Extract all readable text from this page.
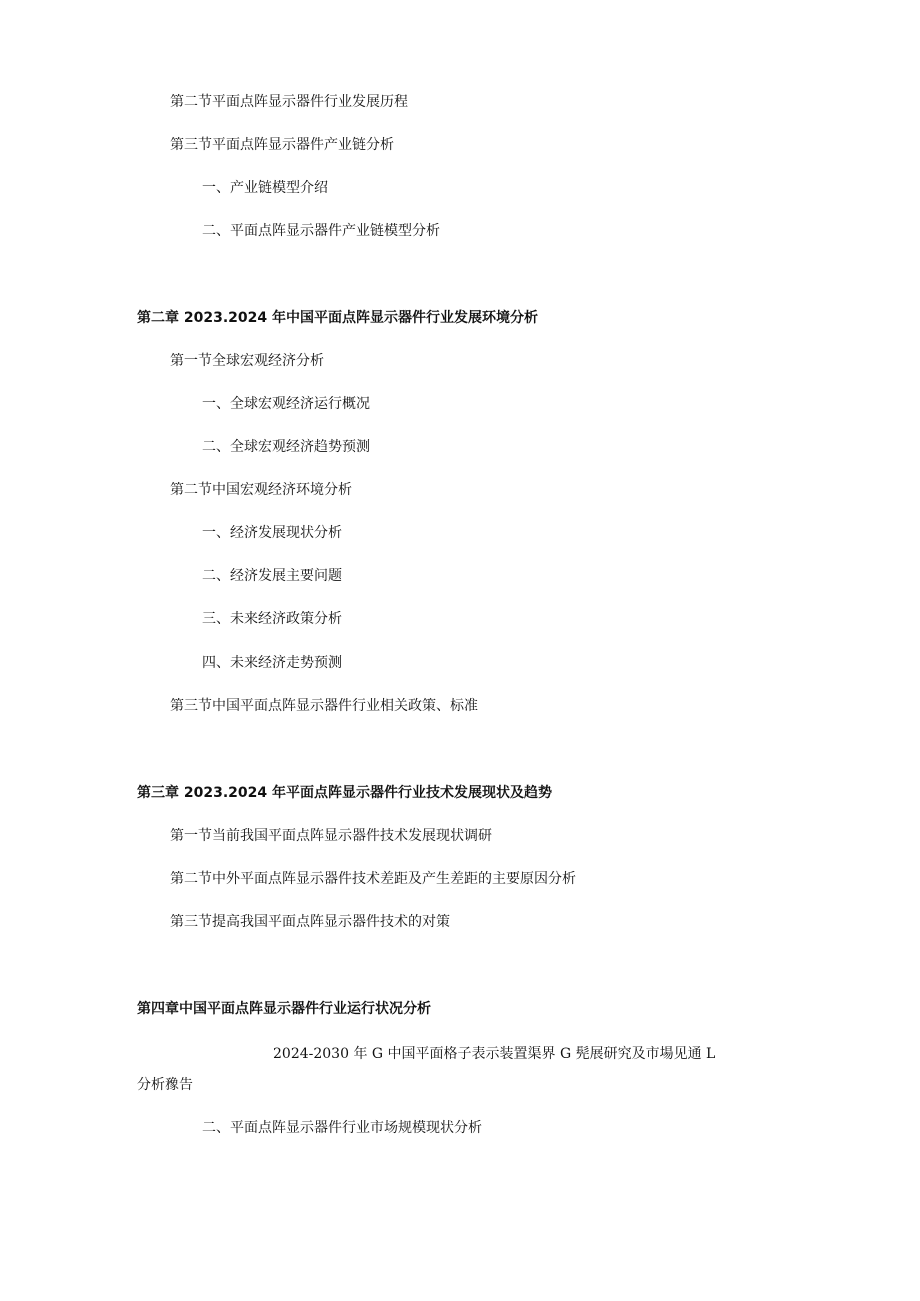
第二节平面点阵显示器件行业发展历程
第三节平面点阵显示器件产业链分析
一、产业链模型介绍
二、平面点阵显示器件产业链模型分析
第二章 2023.2024 年中国平面点阵显示器件行业发展环境分析
第一节全球宏观经济分析
一、全球宏观经济运行概况
二、全球宏观经济趋势预测
第二节中国宏观经济环境分析
一、经济发展现状分析
二、经济发展主要问题
三、未来经济政策分析
四、未来经济走势预测
第三节中国平面点阵显示器件行业相关政策、标准
第三章 2023.2024 年平面点阵显示器件行业技术发展现状及趋势
第一节当前我国平面点阵显示器件技术发展现状调研
第二节中外平面点阵显示器件技术差距及产生差距的主要原因分析
第三节提高我国平面点阵显示器件技术的对策
第四章中国平面点阵显示器件行业运行状况分析
2024-2030 年 G 中国平面格子表示装置渠界 G 髡展研究及市場见通 L
分析䂊告
二、平面点阵显示器件行业市场规模现状分析
